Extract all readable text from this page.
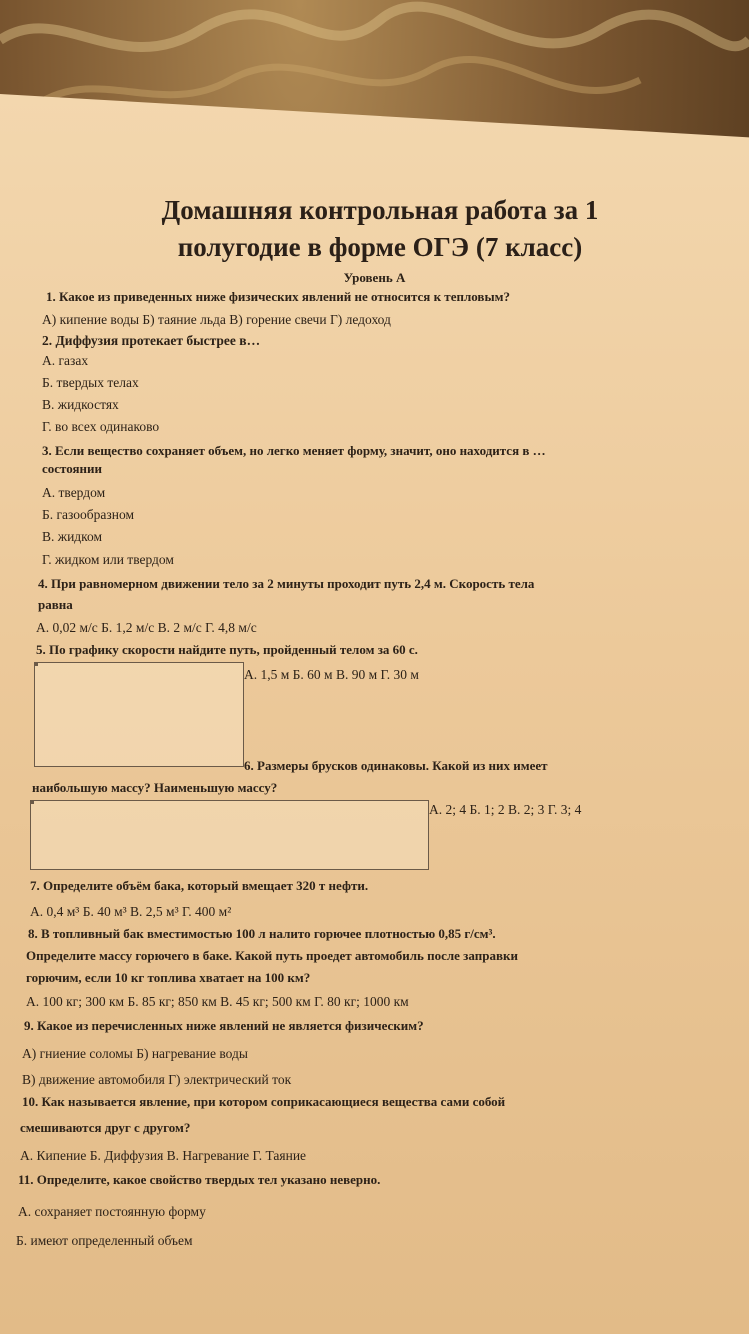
Домашняя контрольная работа за 1
полугодие в форме ОГЭ (7 класс)
Уровень А
1. Какое из приведенных ниже физических явлений не относится к тепловым?
А) кипение воды Б) таяние льда В) горение свечи Г) ледоход
2. Диффузия протекает быстрее в…
А. газах
Б. твердых телах
В. жидкостях
Г. во всех одинаково
3. Если вещество сохраняет объем, но легко меняет форму, значит, оно находится в …
состоянии
А. твердом
Б. газообразном
В. жидком
Г. жидком или твердом
4. При равномерном движении тело за 2 минуты проходит путь 2,4 м. Скорость тела
равна
А. 0,02 м/с Б. 1,2 м/с В. 2 м/с Г. 4,8 м/с
5. По графику скорости найдите путь, пройденный телом за 60 с.
А. 1,5 м Б. 60 м В. 90 м Г. 30 м
6. Размеры брусков одинаковы. Какой из них имеет
наибольшую массу? Наименьшую массу?
А. 2; 4 Б. 1; 2 В. 2; 3 Г. 3; 4
7. Определите объём бака, который вмещает 320 т нефти.
А. 0,4 м³ Б. 40 м³ В. 2,5 м³ Г. 400 м²
8. В топливный бак вместимостью 100 л налито горючее плотностью 0,85 г/см³.
Определите массу горючего в баке. Какой путь проедет автомобиль после заправки
горючим, если 10 кг топлива хватает на 100 км?
А. 100 кг; 300 км Б. 85 кг; 850 км В. 45 кг; 500 км Г. 80 кг; 1000 км
9. Какое из перечисленных ниже явлений не является физическим?
А) гниение соломы Б) нагревание воды
В) движение автомобиля Г) электрический ток
10. Как называется явление, при котором соприкасающиеся вещества сами собой
смешиваются друг с другом?
А. Кипение Б. Диффузия В. Нагревание Г. Таяние
11. Определите, какое свойство твердых тел указано неверно.
А. сохраняет постоянную форму
Б. имеют определенный объем
